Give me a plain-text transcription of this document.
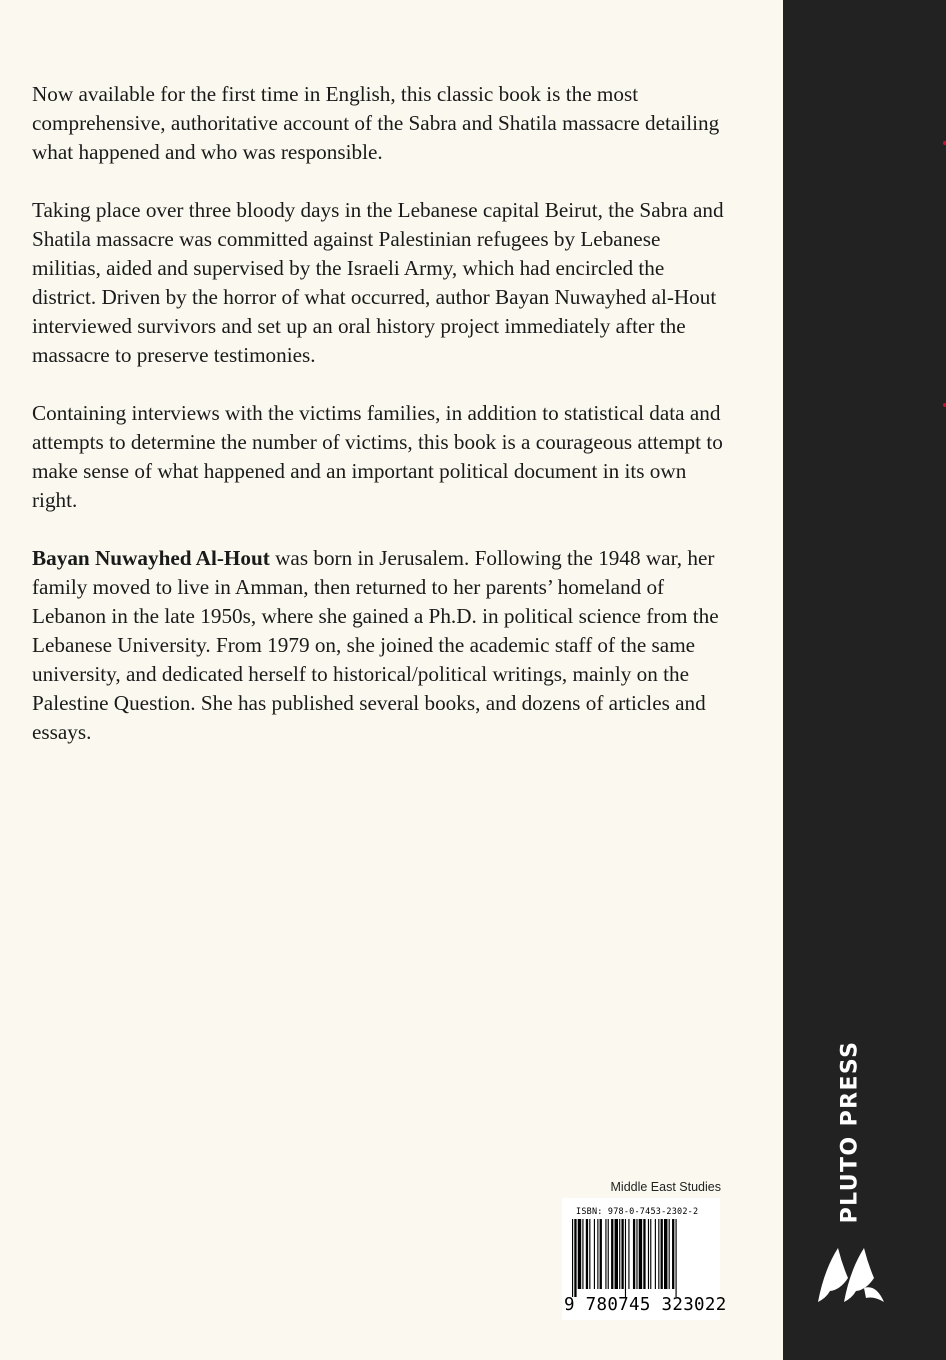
Now available for the first time in English, this classic book is the most comprehensive, authoritative account of the Sabra and Shatila massacre detailing what happened and who was responsible.

Taking place over three bloody days in the Lebanese capital Beirut, the Sabra and Shatila massacre was committed against Palestinian refugees by Lebanese militias, aided and supervised by the Israeli Army, which had encircled the district. Driven by the horror of what occurred, author Bayan Nuwayhed al-Hout interviewed survivors and set up an oral history project immediately after the massacre to preserve testimonies.

Containing interviews with the victims families, in addition to statistical data and attempts to determine the number of victims, this book is a courageous attempt to make sense of what happened and an important political document in its own right.

Bayan Nuwayhed Al-Hout was born in Jerusalem. Following the 1948 war, her family moved to live in Amman, then returned to her parents’ homeland of Lebanon in the late 1950s, where she gained a Ph.D. in political science from the Lebanese University. From 1979 on, she joined the academic staff of the same university, and dedicated herself to historical/political writings, mainly on the Palestine Question. She has published several books, and dozens of articles and essays.

PLUTO PRESS
Middle East Studies
ISBN: 978-0-7453-2302-2
9 780745 323022
